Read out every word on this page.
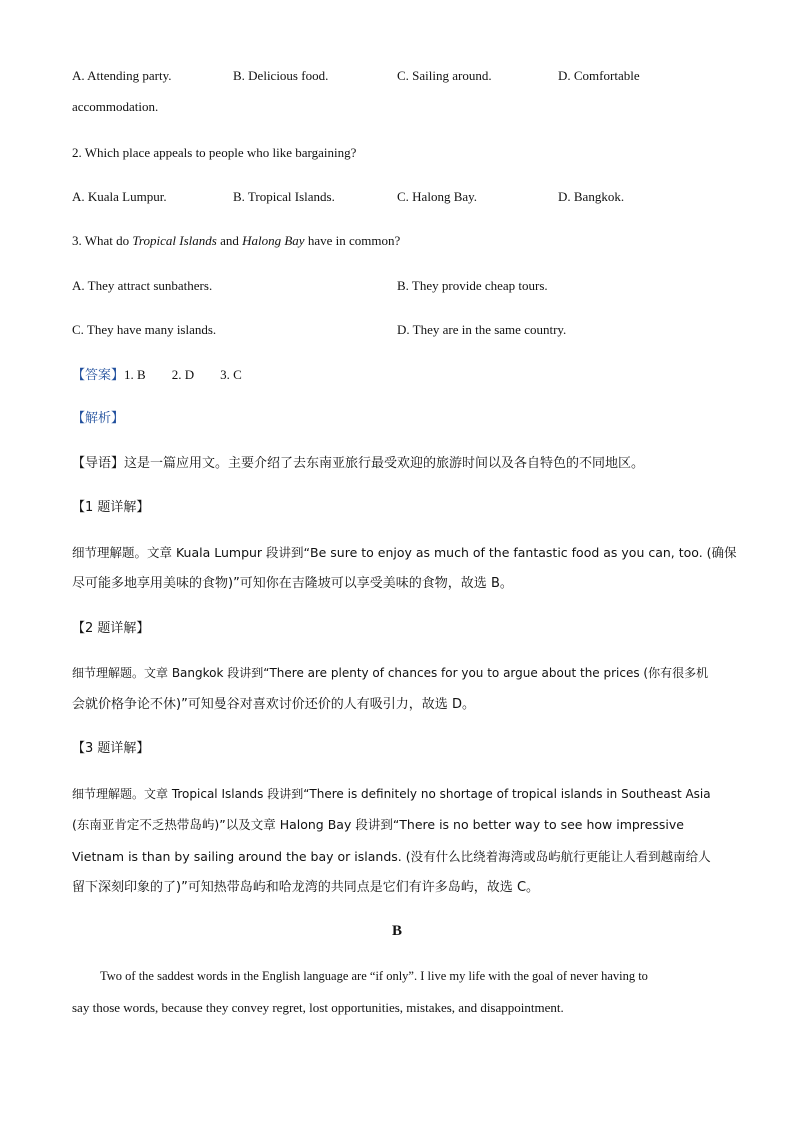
A. Attending party.	B. Delicious food.	C. Sailing around.	D. Comfortable
accommodation.
2. Which place appeals to people who like bargaining?
A. Kuala Lumpur.	B. Tropical Islands.	C. Halong Bay.	D. Bangkok.
3. What do Tropical Islands and Halong Bay have in common?
A. They attract sunbathers.	B. They provide cheap tours.
C. They have many islands.	D. They are in the same country.
【答案】1. B 2. D 3. C
【解析】
【导语】这是一篇应用文。主要介绍了去东南亚旅行最受欢迎的旅游时间以及各自特色的不同地区。
【1 题详解】
细节理解题。文章 Kuala Lumpur 段讲到“Be sure to enjoy as much of the fantastic food as you can, too. (确保
尽可能多地享用美味的食物)”可知你在吉隆坡可以享受美味的食物，故选 B。
【2 题详解】
细节理解题。文章 Bangkok 段讲到“There are plenty of chances for you to argue about the prices (你有很多机
会就价格争论不休)”可知曼谷对喜欢讨价还价的人有吸引力，故选 D。
【3 题详解】
细节理解题。文章 Tropical Islands 段讲到“There is definitely no shortage of tropical islands in Southeast Asia
(东南亚肯定不乏热带岛屿)”以及文章 Halong Bay 段讲到“There is no better way to see how impressive
Vietnam is than by sailing around the bay or islands. (没有什么比绕着海湾或岛屿航行更能让人看到越南给人
留下深刻印象的了)”可知热带岛屿和哈龙湾的共同点是它们有许多岛屿，故选 C。
B
Two of the saddest words in the English language are “if only”. I live my life with the goal of never having to
say those words, because they convey regret, lost opportunities, mistakes, and disappointment.
